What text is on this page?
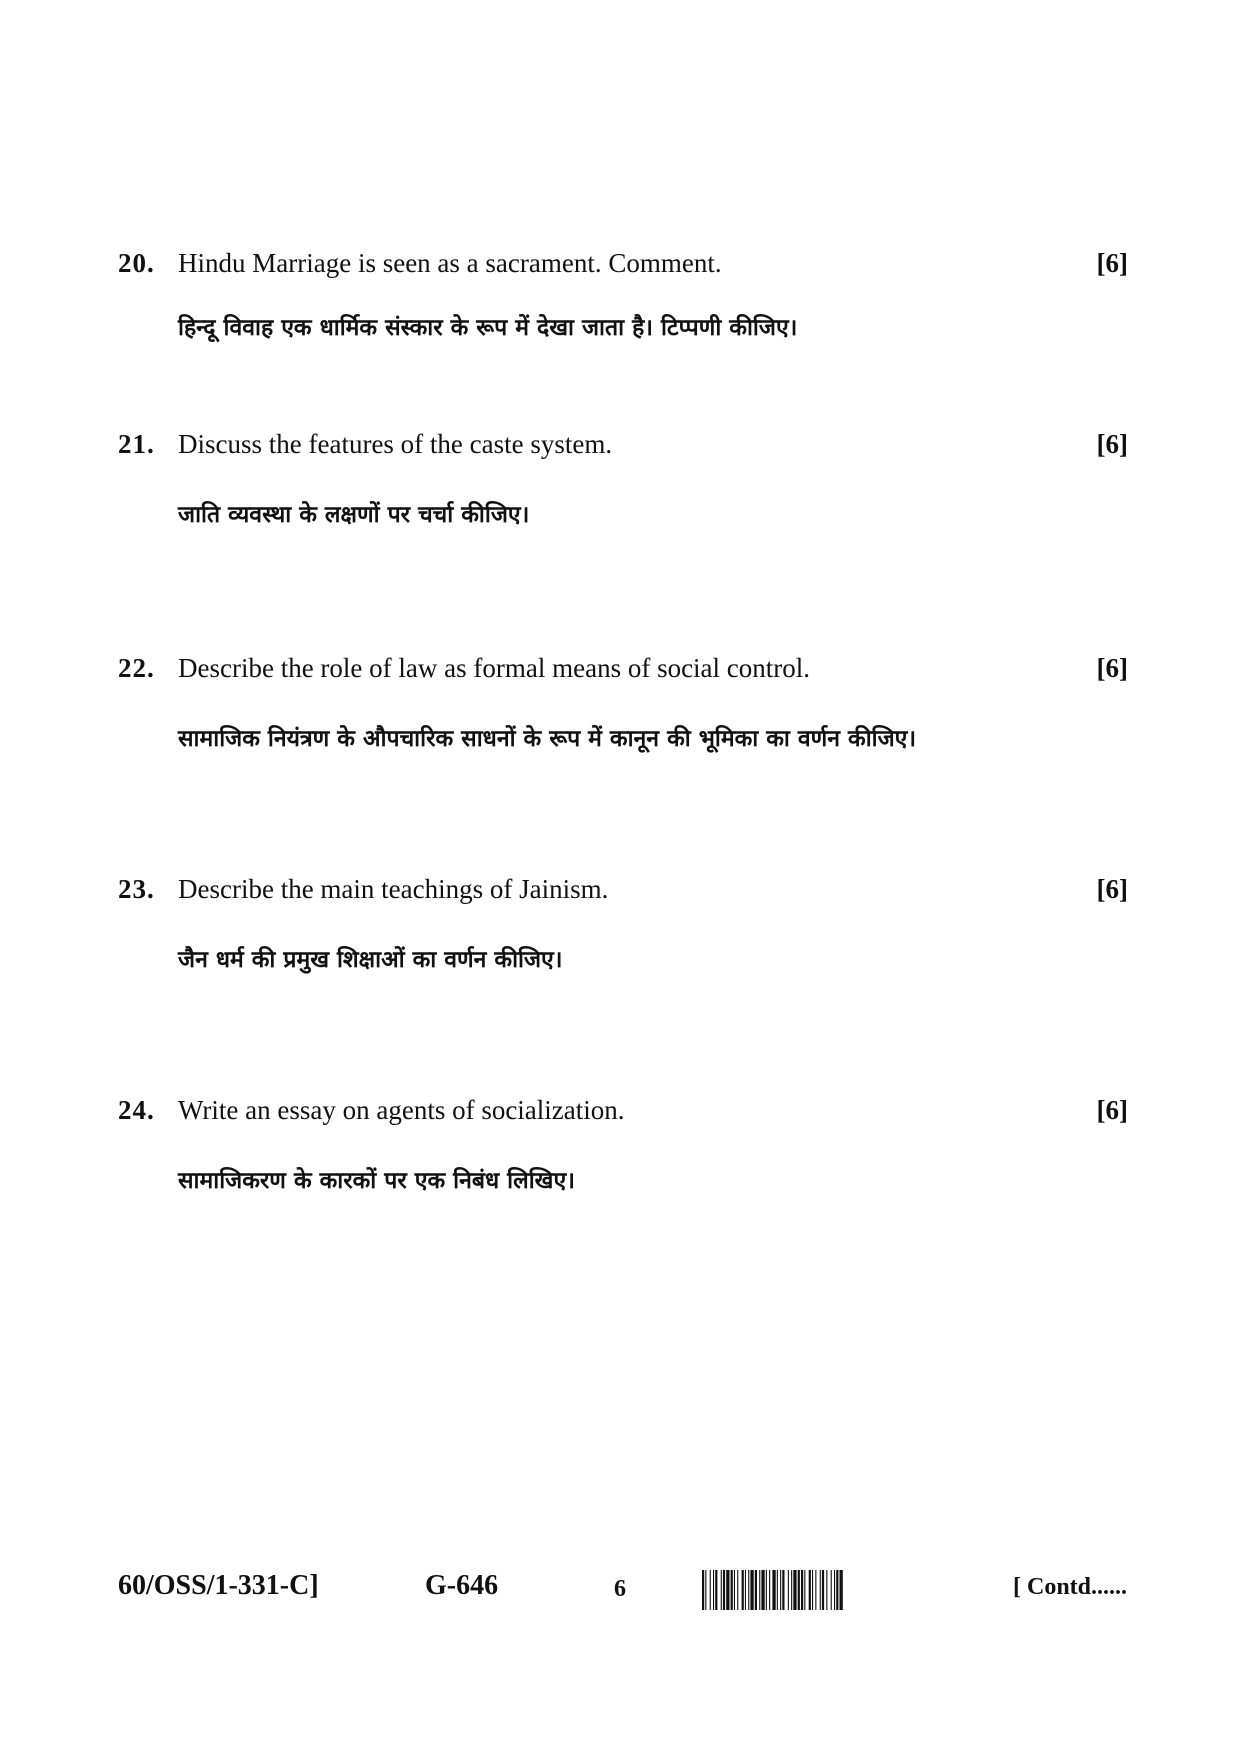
20. Hindu Marriage is seen as a sacrament. Comment.	[6]
हिन्दू विवाह एक धार्मिक संस्कार के रूप में देखा जाता है। टिप्पणी कीजिए।
21. Discuss the features of the caste system.	[6]
जाति व्यवस्था के लक्षणों पर चर्चा कीजिए।
22. Describe the role of law as formal means of social control.	[6]
सामाजिक नियंत्रण के औपचारिक साधनों के रूप में कानून की भूमिका का वर्णन कीजिए।
23. Describe the main teachings of Jainism.	[6]
जैन धर्म की प्रमुख शिक्षाओं का वर्णन कीजिए।
24. Write an essay on agents of socialization.	[6]
सामाजिकरण के कारकों पर एक निबंध लिखिए।
60/OSS/1-331-C]	G-646	6	[ Contd......
